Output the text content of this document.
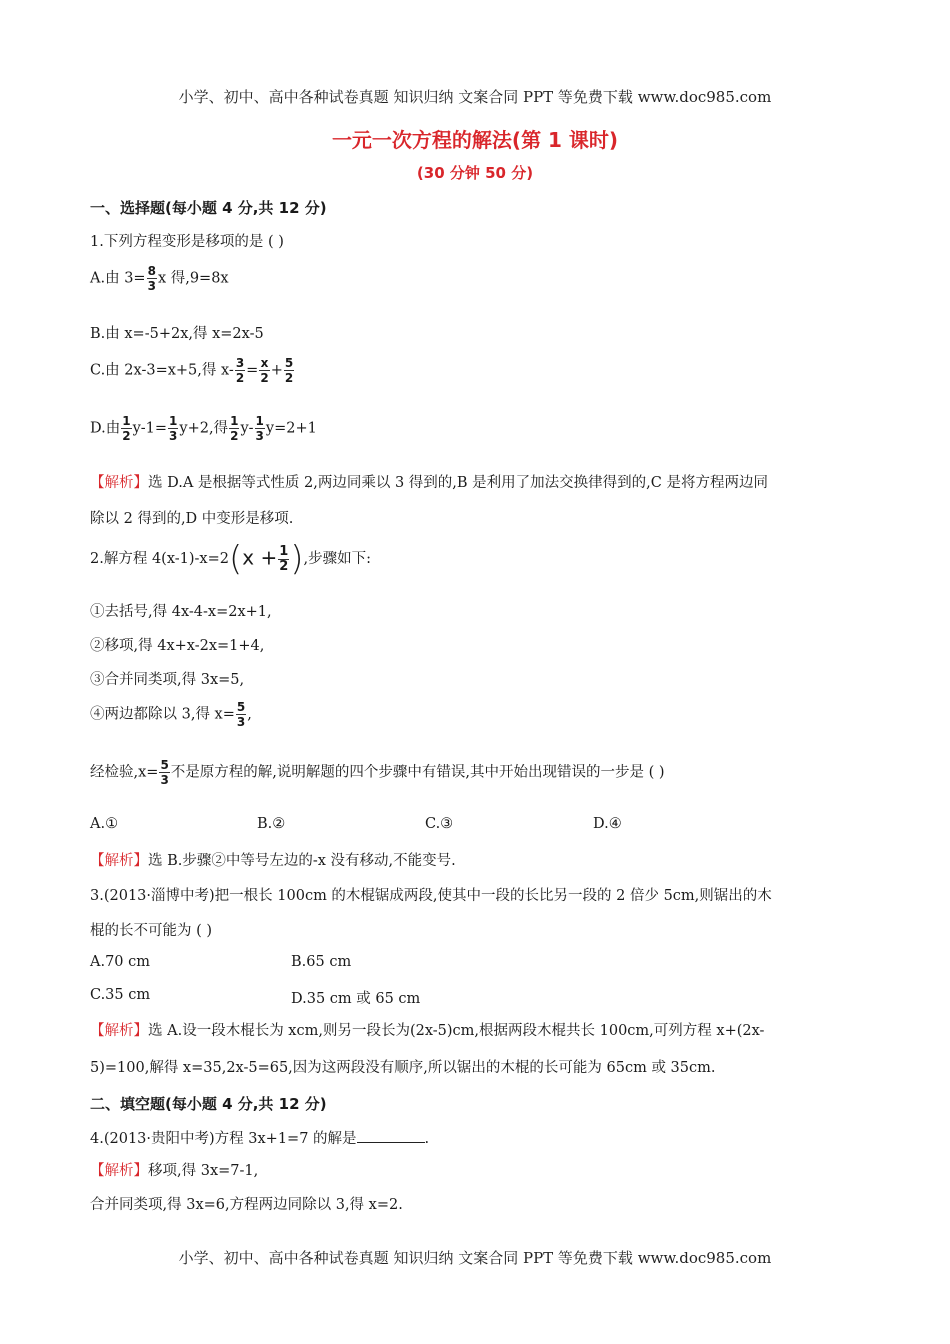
小学、初中、高中各种试卷真题 知识归纳 文案合同 PPT 等免费下载 www.doc985.com
一元一次方程的解法(第 1 课时)
(30 分钟 50 分)
一、选择题(每小题 4 分,共 12 分)
1.下列方程变形是移项的是 ( )
A.由 $3= \frac{8}{3}$ x 得,9=8x
B.由 x=-5+2x,得 x=2x-5
C.由 2x-3=x+5,得 $x- \frac{3}{2} = \frac{x}{2} + \frac{5}{2}$
D.由 $\frac{1}{2} y-1= \frac{1}{3} y+2$,得 $\frac{1}{2} y- \frac{1}{3} y=2+1$
【解析】选 D.A 是根据等式性质 2,两边同乘以 3 得到的,B 是利用了加法交换律得到的,C 是将方程两边同
除以 2 得到的,D 中变形是移项.
2.解方程 $4(x-1)-x=2(x + \frac{1}{2}$ ),步骤如下:
①去括号,得 4x-4-x=2x+1,
②移项,得 4x+x-2x=1+4,
③合并同类项,得 3x=5,
④两边都除以 3,得 $x= \frac{5}{3}$ ,
经检验$,x= \frac{5}{3}$ 不是原方程的解,说明解题的四个步骤中有错误,其中开始出现错误的一步是 ( )
A.①	B.②	C.③	D.④
【解析】选 B.步骤②中等号左边的-x 没有移动,不能变号.
3.(2013·淄博中考)把一根长 100cm 的木棍锯成两段,使其中一段的长比另一段的 2 倍少 5cm,则锯出的木
棍的长不可能为 ( )
A.70 cm	B.65 cm
C.35 cm	D.35 cm 或 65 cm
【解析】选 A.设一段木棍长为 xcm,则另一段长为(2x-5)cm,根据两段木棍共长 100cm,可列方程 x+(2x-
5)=100,解得 x=35,2x-5=65,因为这两段没有顺序,所以锯出的木棍的长可能为 65cm 或 35cm.
二、填空题(每小题 4 分,共 12 分)
4.(2013·贵阳中考)方程 3x+1=7 的解是	.
【解析】移项,得 3x=7-1,
合并同类项,得 3x=6,方程两边同除以 3,得 x=2.
小学、初中、高中各种试卷真题 知识归纳 文案合同 PPT 等免费下载 www.doc985.com
